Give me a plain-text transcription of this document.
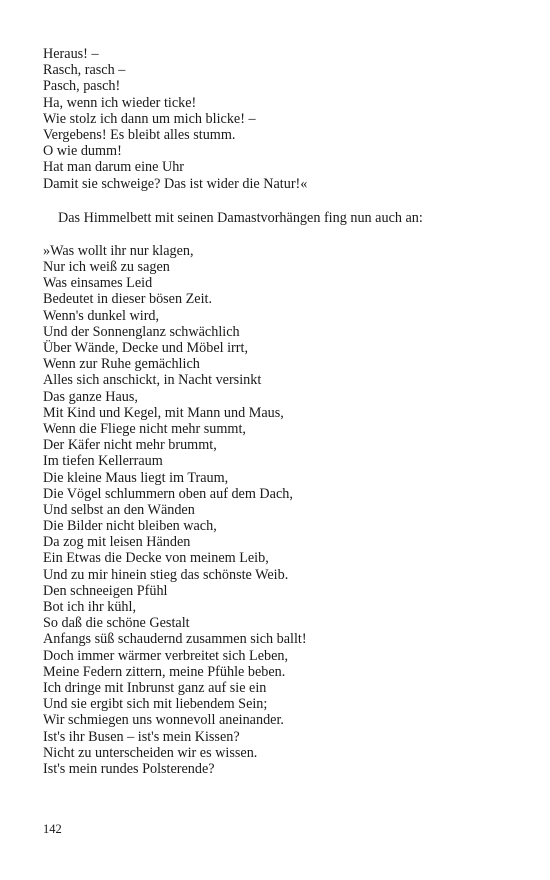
Heraus! –
Rasch, rasch –
Pasch, pasch!
Ha, wenn ich wieder ticke!
Wie stolz ich dann um mich blicke! –
Vergebens! Es bleibt alles stumm.
O wie dumm!
Hat man darum eine Uhr
Damit sie schweige? Das ist wider die Natur!«
Das Himmelbett mit seinen Damastvorhängen fing nun auch an:
»Was wollt ihr nur klagen,
Nur ich weiß zu sagen
Was einsames Leid
Bedeutet in dieser bösen Zeit.
Wenn's dunkel wird,
Und der Sonnenglanz schwächlich
Über Wände, Decke und Möbel irrt,
Wenn zur Ruhe gemächlich
Alles sich anschickt, in Nacht versinkt
Das ganze Haus,
Mit Kind und Kegel, mit Mann und Maus,
Wenn die Fliege nicht mehr summt,
Der Käfer nicht mehr brummt,
Im tiefen Kellerraum
Die kleine Maus liegt im Traum,
Die Vögel schlummern oben auf dem Dach,
Und selbst an den Wänden
Die Bilder nicht bleiben wach,
Da zog mit leisen Händen
Ein Etwas die Decke von meinem Leib,
Und zu mir hinein stieg das schönste Weib.
Den schneeigen Pfühl
Bot ich ihr kühl,
So daß die schöne Gestalt
Anfangs süß schaudernd zusammen sich ballt!
Doch immer wärmer verbreitet sich Leben,
Meine Federn zittern, meine Pfühle beben.
Ich dringe mit Inbrunst ganz auf sie ein
Und sie ergibt sich mit liebendem Sein;
Wir schmiegen uns wonnevoll aneinander.
Ist's ihr Busen – ist's mein Kissen?
Nicht zu unterscheiden wir es wissen.
Ist's mein rundes Polsterende?
142
